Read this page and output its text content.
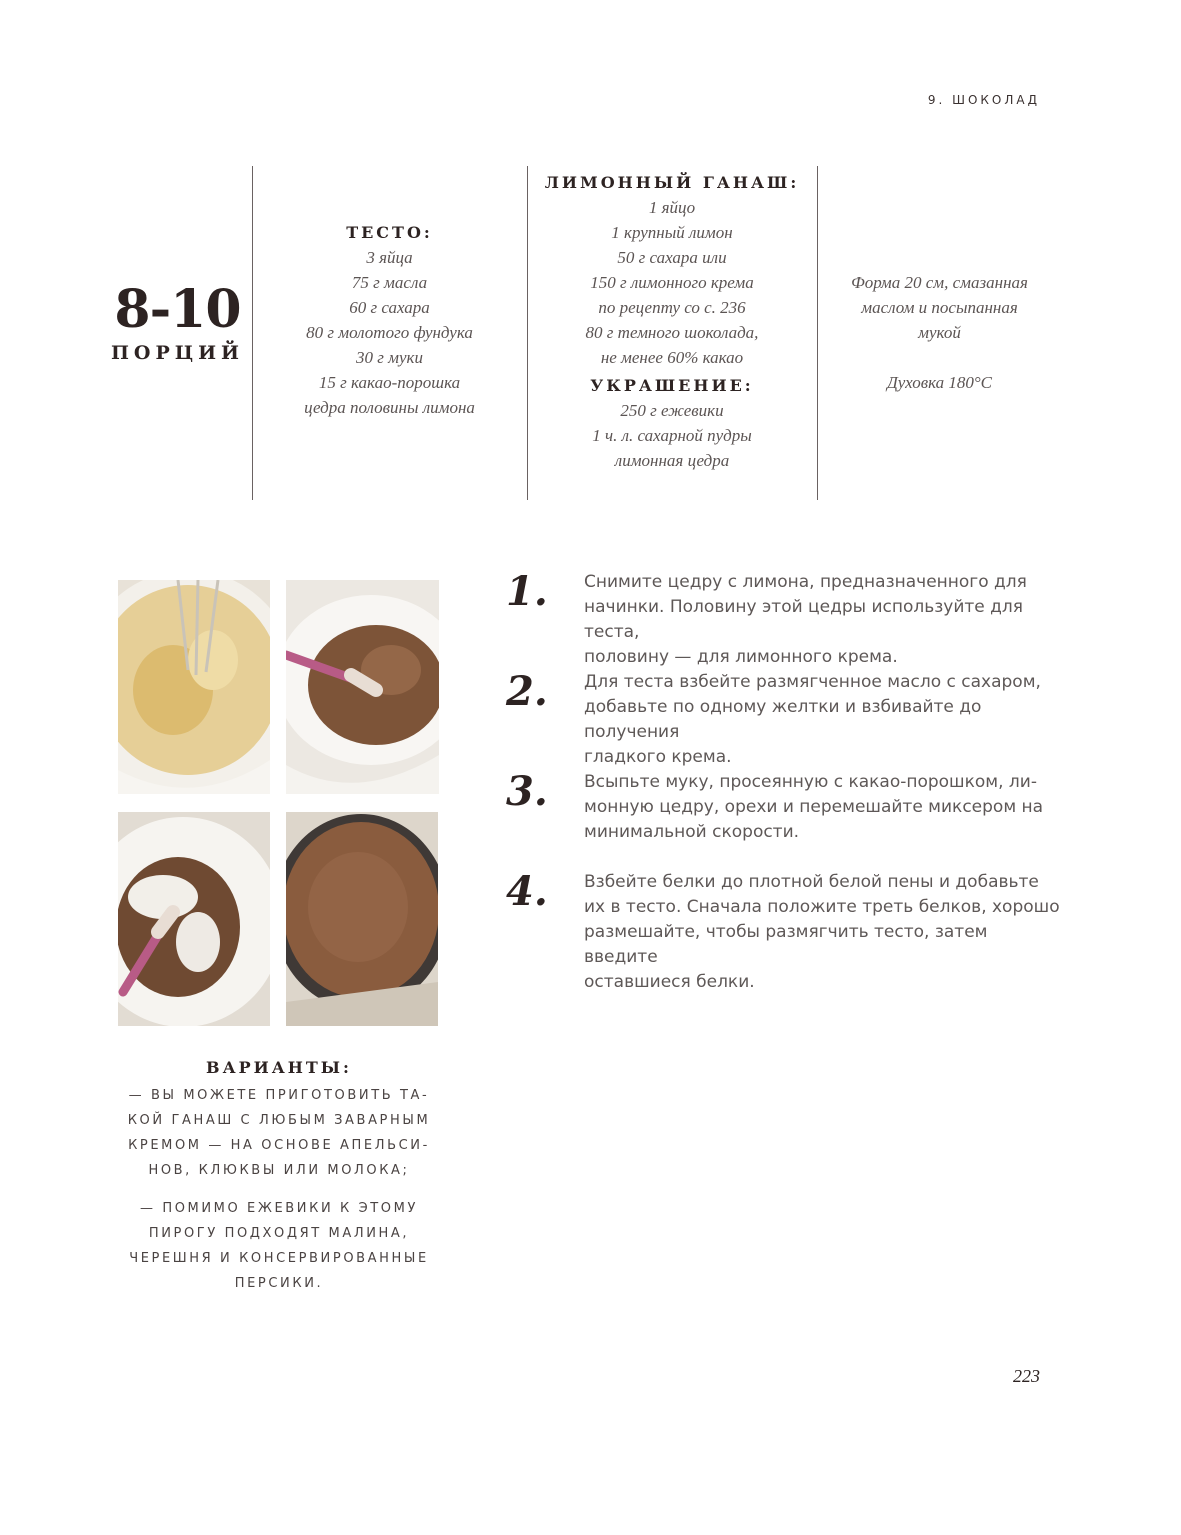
9. ШОКОЛАД
8-10
ПОРЦИЙ
ТЕСТО:
3 яйца
75 г масла
60 г сахара
80 г молотого фундука
30 г муки
15 г какао-порошка
цедра половины лимона
ЛИМОННЫЙ ГАНАШ:
1 яйцо
1 крупный лимон
50 г сахара или
150 г лимонного крема
по рецепту со с. 236
80 г темного шоколада,
не менее 60% какао
УКРАШЕНИЕ:
250 г ежевики
1 ч. л. сахарной пудры
лимонная цедра
Форма 20 см, смазанная
маслом и посыпанная
мукой
Духовка 180°С
1. Снимите цедру с лимона, предназначенного для
начинки. Половину этой цедры используйте для теста,
половину — для лимонного крема.
2. Для теста взбейте размягченное масло с сахаром,
добавьте по одному желтки и взбивайте до получения
гладкого крема.
3. Всыпьте муку, просеянную с какао-порошком, ли-
монную цедру, орехи и перемешайте миксером на
минимальной скорости.
4. Взбейте белки до плотной белой пены и добавьте
их в тесто. Сначала положите треть белков, хорошо
размешайте, чтобы размягчить тесто, затем введите
оставшиеся белки.
ВАРИАНТЫ:
— ВЫ МОЖЕТЕ ПРИГОТОВИТЬ ТА-
КОЙ ГАНАШ С ЛЮБЫМ ЗАВАРНЫМ
КРЕМОМ — НА ОСНОВЕ АПЕЛЬСИ-
НОВ, КЛЮКВЫ ИЛИ МОЛОКА;
— ПОМИМО ЕЖЕВИКИ К ЭТОМУ
ПИРОГУ ПОДХОДЯТ МАЛИНА,
ЧЕРЕШНЯ И КОНСЕРВИРОВАННЫЕ
ПЕРСИКИ.
223
